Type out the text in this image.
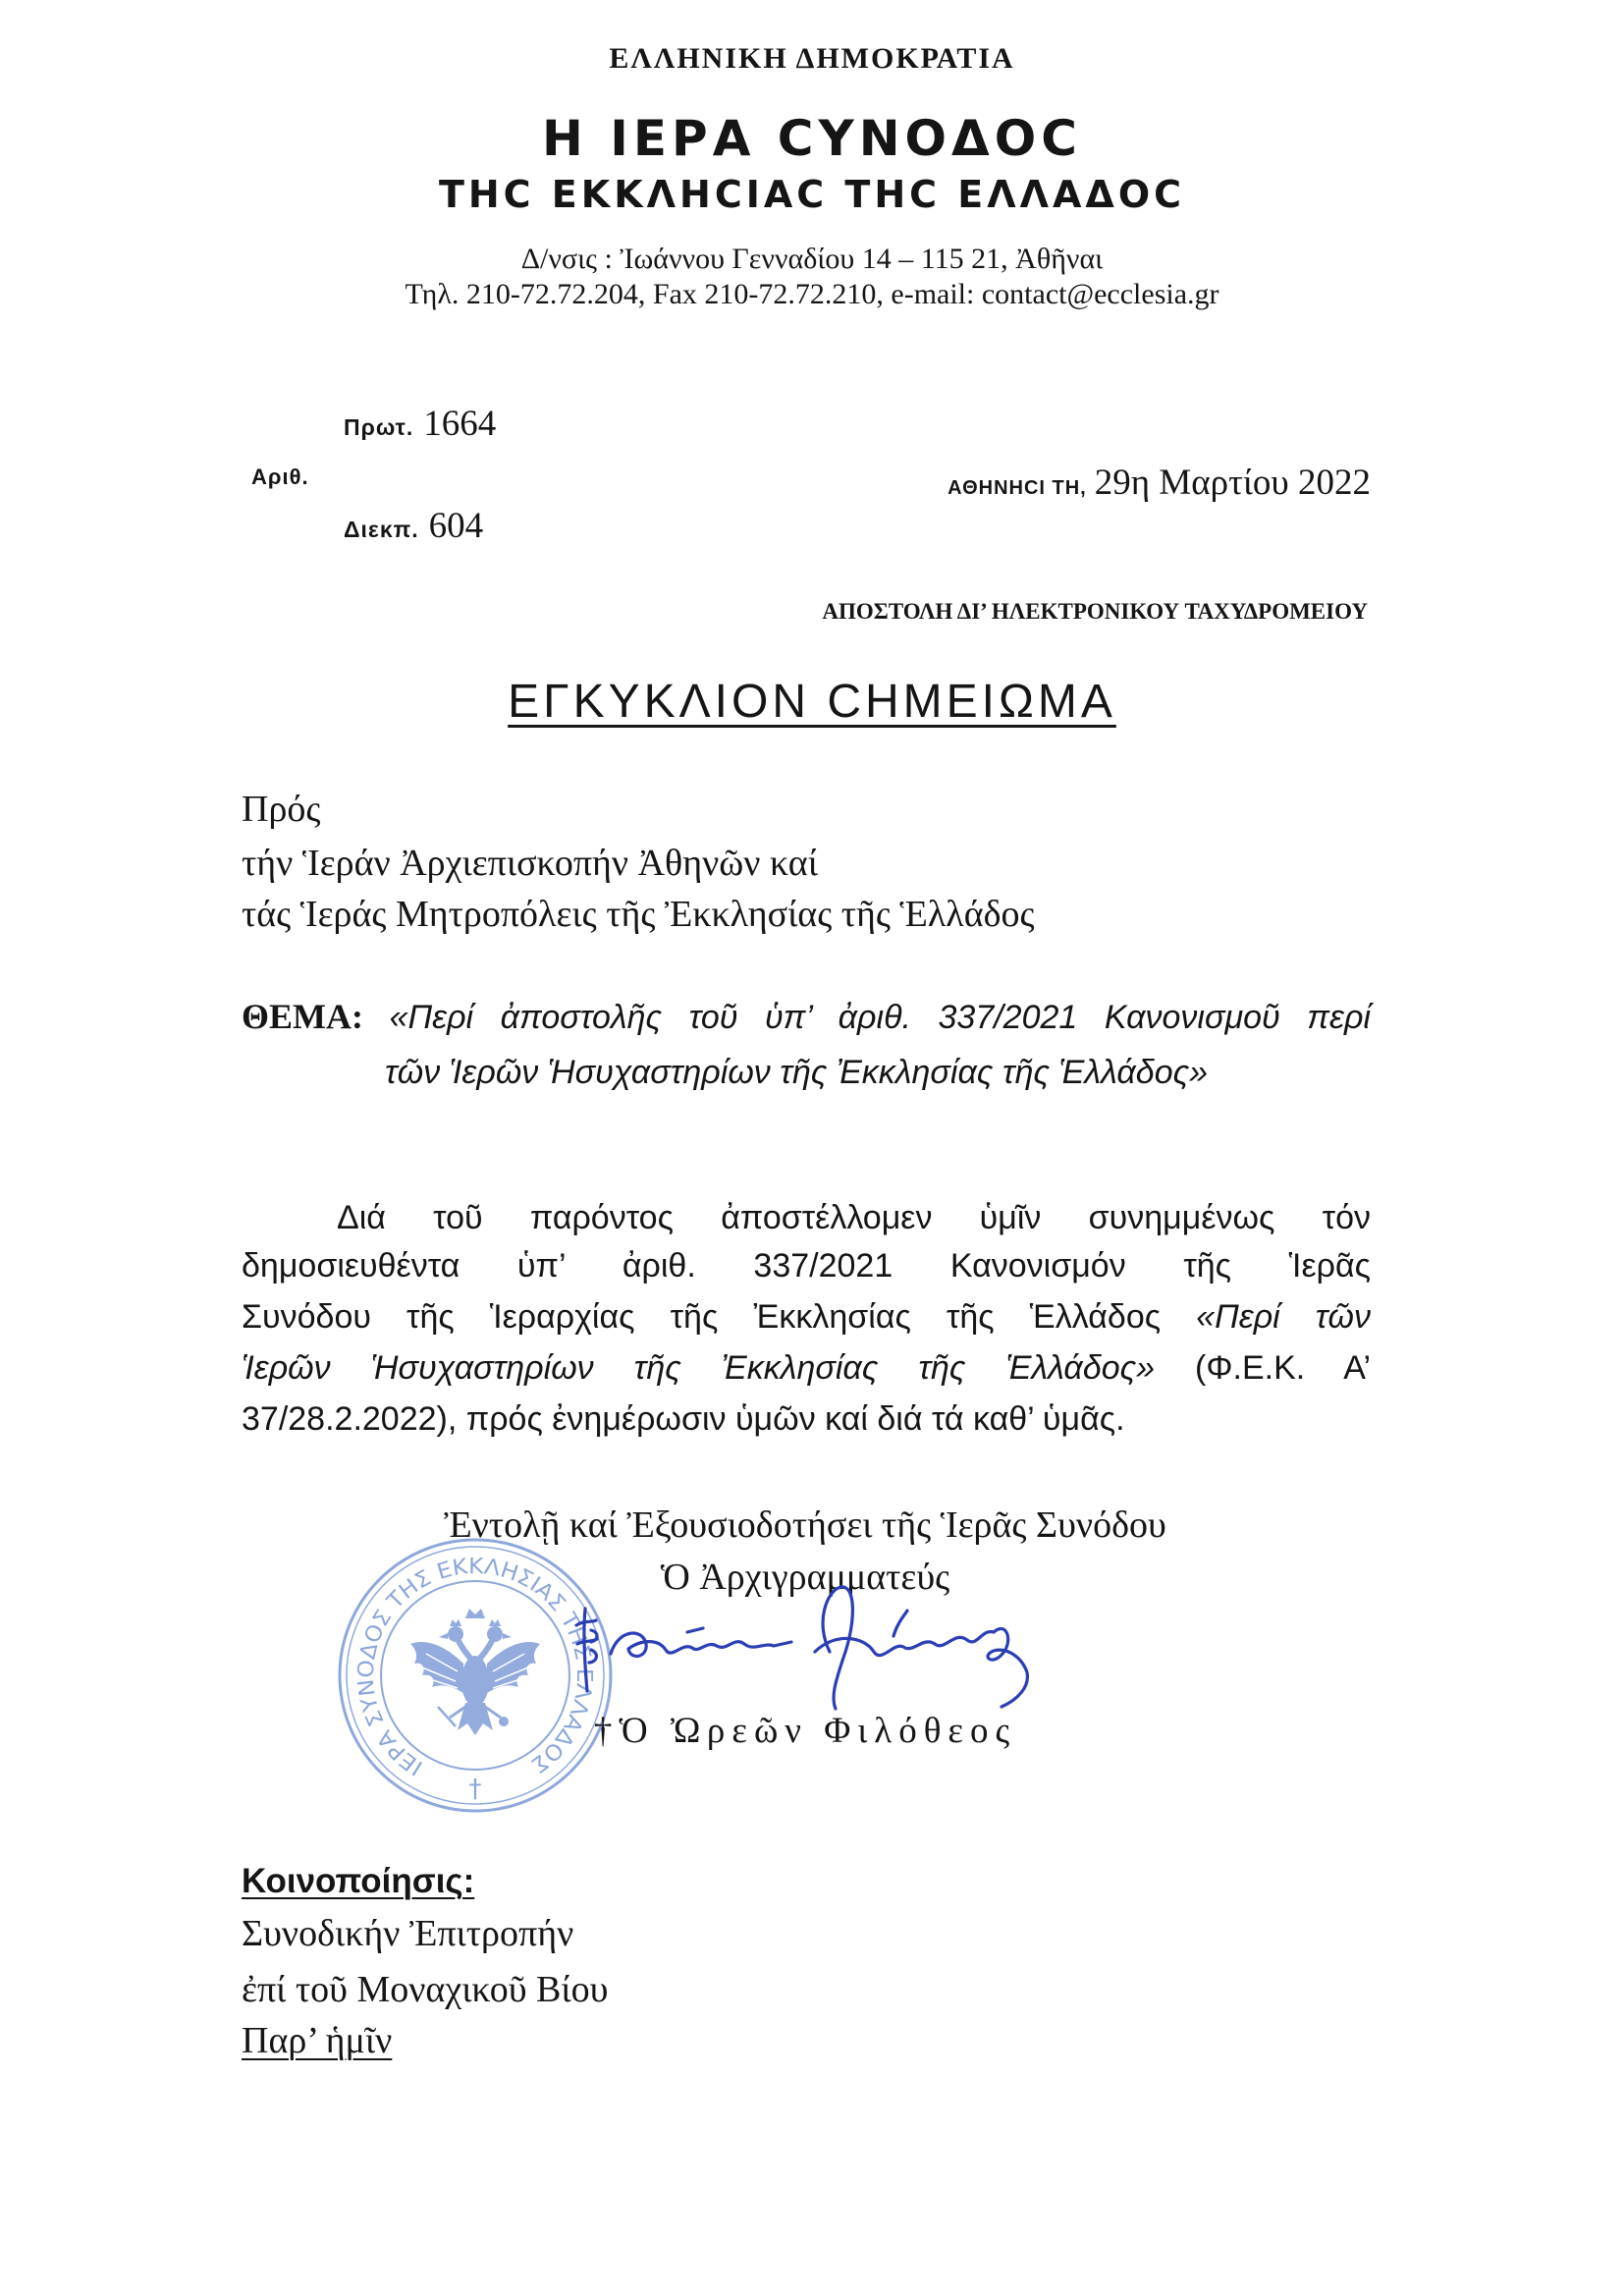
ΕΛΛΗΝΙΚΗ ΔΗΜΟΚΡΑΤΙΑ
Η ΙΕΡΑ ϹΥΝΟΔΟϹ
ΤΗϹ ΕΚΚΛΗϹΙΑϹ ΤΗϹ ΕΛΛΑΔΟϹ
Δ/νσις : Ἰωάννου Γενναδίου 14 – 115 21, Ἀθῆναι
Τηλ. 210-72.72.204, Fax 210-72.72.210, e-mail: contact@ecclesia.gr
Πρωτ. 1664
Αριθ.
Διεκπ. 604
ΑΘΗΝΗϹΙ ΤΗ, 29η Μαρτίου 2022
ΑΠΟΣΤΟΛΗ ΔΙ’ ΗΛΕΚΤΡΟΝΙΚΟΥ ΤΑΧΥΔΡΟΜΕΙΟΥ
ΕΓΚΥΚΛΙΟΝ ϹΗΜΕΙΩΜΑ
Πρός
τήν Ἱεράν Ἀρχιεπισκοπήν Ἀθηνῶν καί
τάς Ἱεράς Μητροπόλεις τῆς Ἐκκλησίας τῆς Ἑλλάδος
ΘΕΜΑ: «Περί ἀποστολῆς τοῦ ὑπ’ ἀριθ. 337/2021 Κανονισμοῦ περί
τῶν Ἱερῶν Ἡσυχαστηρίων τῆς Ἐκκλησίας τῆς Ἑλλάδος»
Διά τοῦ παρόντος ἀποστέλλομεν ὑμῖν συνημμένως τόν
δημοσιευθέντα ὑπ’ ἀριθ. 337/2021 Κανονισμόν τῆς Ἱερᾶς
Συνόδου τῆς Ἱεραρχίας τῆς Ἐκκλησίας τῆς Ἑλλάδος «Περί τῶν
Ἱερῶν Ἡσυχαστηρίων τῆς Ἐκκλησίας τῆς Ἑλλάδος» (Φ.Ε.Κ. Α’
37/28.2.2022), πρός ἐνημέρωσιν ὑμῶν καί διά τά καθ’ ὑμᾶς.
Ἐντολῇ καί Ἐξουσιοδοτήσει τῆς Ἱερᾶς Συνόδου
Ὁ Ἀρχιγραμματεύς
ΙΕΡΑ ΣΥΝΟΔΟΣ ΤΗΣ ΕΚΚΛΗΣΙΑΣ ΤΗΣ ΕΛΛΑΔΟΣ
†
†Ὁ Ὠρεῶν Φιλόθεος
Κοινοποίησις:
Συνοδικήν Ἐπιτροπήν
ἐπί τοῦ Μοναχικοῦ Βίου
Παρ’ ἡμῖν
